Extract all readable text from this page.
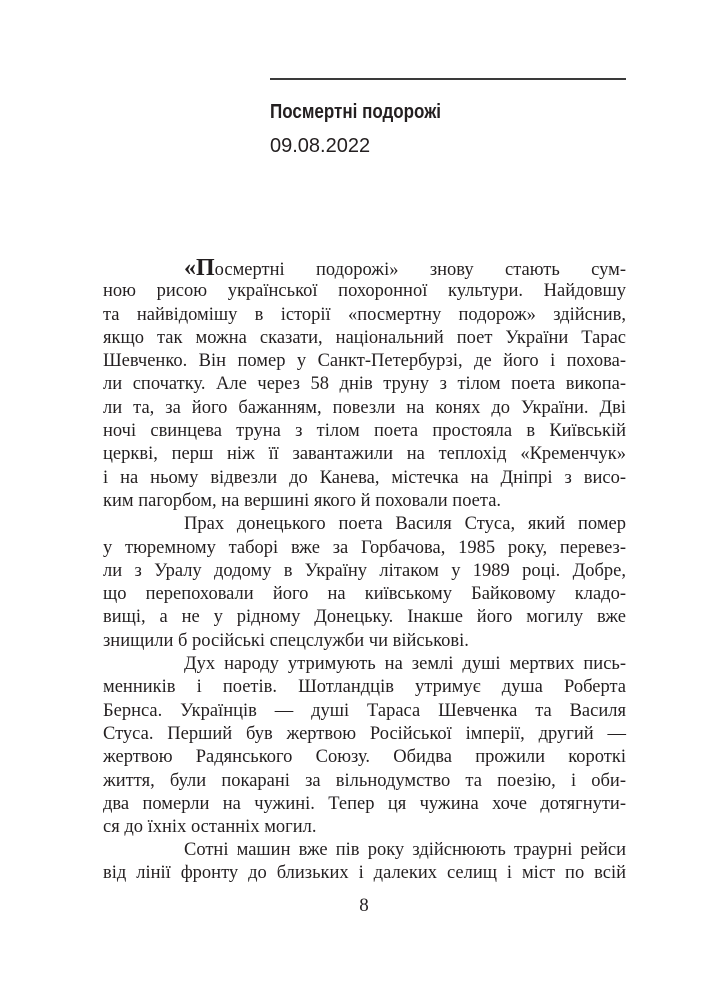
Посмертні подорожі
09.08.2022
«Посмертні подорожі» знову стають сум-
ною рисою української похоронної культури. Найдовшу
та найвідомішу в історії «посмертну подорож» здійснив,
якщо так можна сказати, національний поет України Тарас
Шевченко. Він помер у Санкт-Петербурзі, де його і похова-
ли спочатку. Але через 58 днів труну з тілом поета викопа-
ли та, за його бажанням, повезли на конях до України. Дві
ночі свинцева труна з тілом поета простояла в Київській
церкві, перш ніж її завантажили на теплохід «Кременчук»
і на ньому відвезли до Канева, містечка на Дніпрі з висо-
ким пагорбом, на вершині якого й поховали поета.
Прах донецького поета Василя Стуса, який помер
у тюремному таборі вже за Горбачова, 1985 року, перевез-
ли з Уралу додому в Україну літаком у 1989 році. Добре,
що перепоховали його на київському Байковому кладо-
вищі, а не у рідному Донецьку. Інакше його могилу вже
знищили б російські спецслужби чи військові.
Дух народу утримують на землі душі мертвих пись-
менників і поетів. Шотландців утримує душа Роберта
Бернса. Українців — душі Тараса Шевченка та Василя
Стуса. Перший був жертвою Російської імперії, другий —
жертвою Радянського Союзу. Обидва прожили короткі
життя, були покарані за вільнодумство та поезію, і оби-
два померли на чужині. Тепер ця чужина хоче дотягнути-
ся до їхніх останніх могил.
Сотні машин вже пів року здійснюють траурні рейси
від лінії фронту до близьких і далеких селищ і міст по всій
8
